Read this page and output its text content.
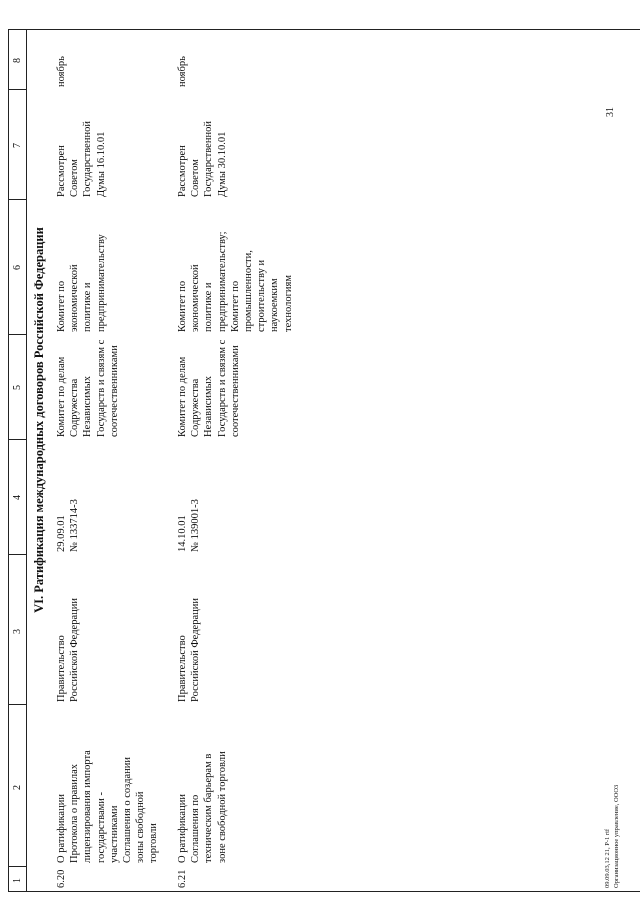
1
2
3
4
5
6
7
8
VI. Ратификация международных договоров Российской Федерации
6.20
О ратификации
Протокола о правилах
лицензирования импорта
государствами -
участниками
Соглашения о создании
зоны свободной
торговли
Правительство
Российской Федерации
29.09.01
№ 133714-3
Комитет по делам
Содружества
Независимых
Государств и связям с
соотечественниками
Комитет по
экономической
политике и
предпринимательству
Рассмотрен
Советом
Государственной
Думы 16.10.01
ноябрь
6.21
О ратификации
Соглашения по
техническим барьерам в
зоне свободной торговли
Правительство
Российской Федерации
14.10.01
№ 139001-3
Комитет по делам
Содружества
Независимых
Государств и связям с
соотечественниками
Комитет по
экономической
политике и
предпринимательству;
Комитет по
промышленности,
строительству и
наукоемким
технологиям
Рассмотрен
Советом
Государственной
Думы 30.10.01
ноябрь
31
09.09.03,12 21, Р-1 rtf Организационное управление, ООО3
